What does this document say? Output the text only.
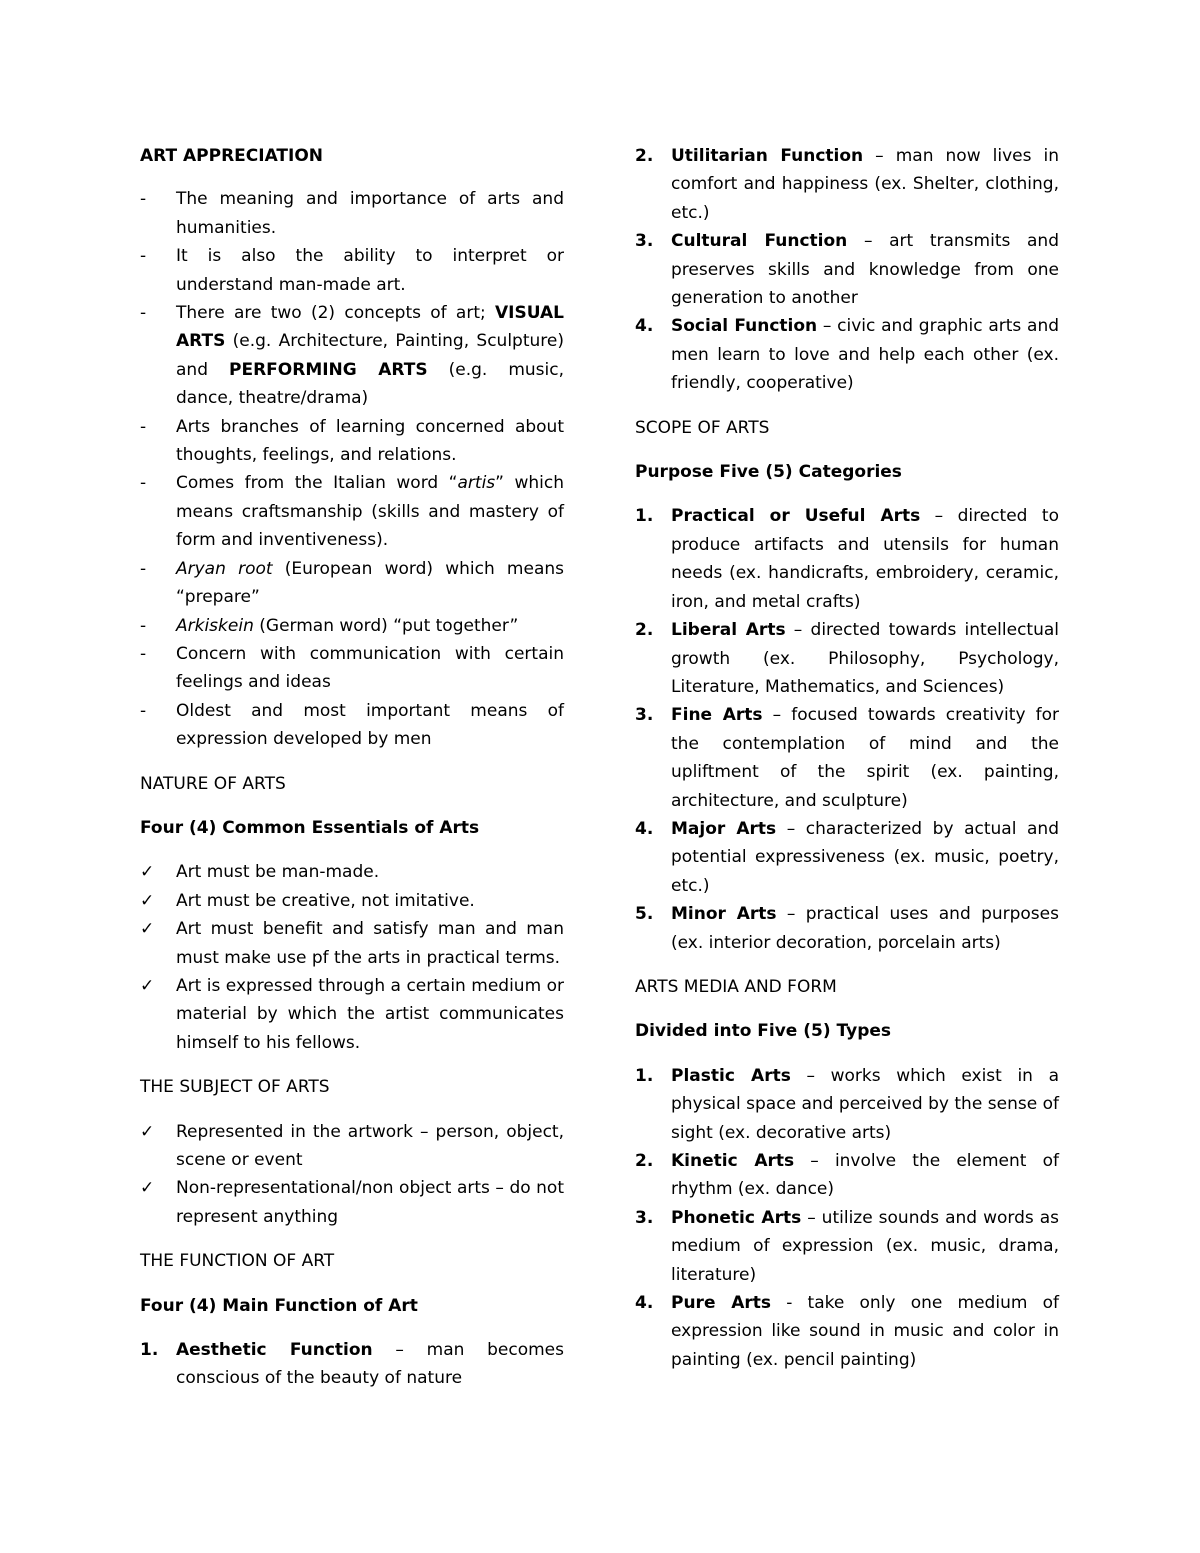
ART APPRECIATION
-	The meaning and importance of arts and humanities.
-	It is also the ability to interpret or understand man-made art.
-	There are two (2) concepts of art; VISUAL ARTS (e.g. Architecture, Painting, Sculpture) and PERFORMING ARTS (e.g. music, dance, theatre/drama)
-	Arts branches of learning concerned about thoughts, feelings, and relations.
-	Comes from the Italian word “artis” which means craftsmanship (skills and mastery of form and inventiveness).
-	Aryan root (European word) which means “prepare”
-	Arkiskein (German word) “put together”
-	Concern with communication with certain feelings and ideas
-	Oldest and most important means of expression developed by men
NATURE OF ARTS
Four (4) Common Essentials of Arts
✓	Art must be man-made.
✓	Art must be creative, not imitative.
✓	Art must benefit and satisfy man and man must make use pf the arts in practical terms.
✓	Art is expressed through a certain medium or material by which the artist communicates himself to his fellows.
THE SUBJECT OF ARTS
✓	Represented in the artwork – person, object, scene or event
✓	Non-representational/non object arts – do not represent anything
THE FUNCTION OF ART
Four (4) Main Function of Art
1.	Aesthetic Function – man becomes conscious of the beauty of nature
2.	Utilitarian Function – man now lives in comfort and happiness (ex. Shelter, clothing, etc.)
3.	Cultural Function – art transmits and preserves skills and knowledge from one generation to another
4.	Social Function – civic and graphic arts and men learn to love and help each other (ex. friendly, cooperative)
SCOPE OF ARTS
Purpose Five (5) Categories
1.	Practical or Useful Arts – directed to produce artifacts and utensils for human needs (ex. handicrafts, embroidery, ceramic, iron, and metal crafts)
2.	Liberal Arts – directed towards intellectual growth (ex. Philosophy, Psychology, Literature, Mathematics, and Sciences)
3.	Fine Arts – focused towards creativity for the contemplation of mind and the upliftment of the spirit (ex. painting, architecture, and sculpture)
4.	Major Arts – characterized by actual and potential expressiveness (ex. music, poetry, etc.)
5.	Minor Arts – practical uses and purposes (ex. interior decoration, porcelain arts)
ARTS MEDIA AND FORM
Divided into Five (5) Types
1.	Plastic Arts – works which exist in a physical space and perceived by the sense of sight (ex. decorative arts)
2.	Kinetic Arts – involve the element of rhythm (ex. dance)
3.	Phonetic Arts – utilize sounds and words as medium of expression (ex. music, drama, literature)
4.	Pure Arts - take only one medium of expression like sound in music and color in painting (ex. pencil painting)
